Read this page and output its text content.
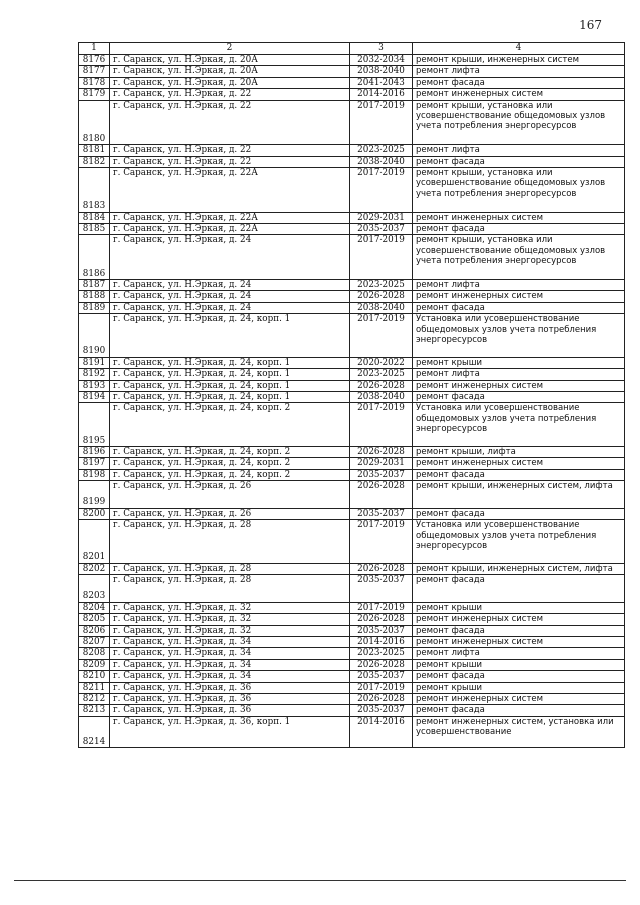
167
1	2	3	4
8176	г. Саранск, ул. Н.Эркая, д. 20А	2032-2034	ремонт крыши, инженерных систем
8177	г. Саранск, ул. Н.Эркая, д. 20А	2038-2040	ремонт лифта
8178	г. Саранск, ул. Н.Эркая, д. 20А	2041-2043	ремонт фасада
8179	г. Саранск, ул. Н.Эркая, д. 22	2014-2016	ремонт инженерных систем
8180	г. Саранск, ул. Н.Эркая, д. 22	2017-2019	ремонт крыши, установка или усовершенствование общедомовых узлов учета потребления энергоресурсов
8181	г. Саранск, ул. Н.Эркая, д. 22	2023-2025	ремонт лифта
8182	г. Саранск, ул. Н.Эркая, д. 22	2038-2040	ремонт фасада
8183	г. Саранск, ул. Н.Эркая, д. 22А	2017-2019	ремонт крыши, установка или усовершенствование общедомовых узлов учета потребления энергоресурсов
8184	г. Саранск, ул. Н.Эркая, д. 22А	2029-2031	ремонт инженерных систем
8185	г. Саранск, ул. Н.Эркая, д. 22А	2035-2037	ремонт фасада
8186	г. Саранск, ул. Н.Эркая, д. 24	2017-2019	ремонт крыши, установка или усовершенствование общедомовых узлов учета потребления энергоресурсов
8187	г. Саранск, ул. Н.Эркая, д. 24	2023-2025	ремонт лифта
8188	г. Саранск, ул. Н.Эркая, д. 24	2026-2028	ремонт инженерных систем
8189	г. Саранск, ул. Н.Эркая, д. 24	2038-2040	ремонт фасада
8190	г. Саранск, ул. Н.Эркая, д. 24, корп. 1	2017-2019	Установка или усовершенствование общедомовых узлов учета потребления энергоресурсов
8191	г. Саранск, ул. Н.Эркая, д. 24, корп. 1	2020-2022	ремонт крыши
8192	г. Саранск, ул. Н.Эркая, д. 24, корп. 1	2023-2025	ремонт лифта
8193	г. Саранск, ул. Н.Эркая, д. 24, корп. 1	2026-2028	ремонт инженерных систем
8194	г. Саранск, ул. Н.Эркая, д. 24, корп. 1	2038-2040	ремонт фасада
8195	г. Саранск, ул. Н.Эркая, д. 24, корп. 2	2017-2019	Установка или усовершенствование общедомовых узлов учета потребления энергоресурсов
8196	г. Саранск, ул. Н.Эркая, д. 24, корп. 2	2026-2028	ремонт крыши, лифта
8197	г. Саранск, ул. Н.Эркая, д. 24, корп. 2	2029-2031	ремонт инженерных систем
8198	г. Саранск, ул. Н.Эркая, д. 24, корп. 2	2035-2037	ремонт фасада
8199	г. Саранск, ул. Н.Эркая, д. 26	2026-2028	ремонт крыши, инженерных систем, лифта
8200	г. Саранск, ул. Н.Эркая, д. 26	2035-2037	ремонт фасада
8201	г. Саранск, ул. Н.Эркая, д. 28	2017-2019	Установка или усовершенствование общедомовых узлов учета потребления энергоресурсов
8202	г. Саранск, ул. Н.Эркая, д. 28	2026-2028	ремонт крыши, инженерных систем, лифта
8203	г. Саранск, ул. Н.Эркая, д. 28	2035-2037	ремонт фасада
8204	г. Саранск, ул. Н.Эркая, д. 32	2017-2019	ремонт крыши
8205	г. Саранск, ул. Н.Эркая, д. 32	2026-2028	ремонт инженерных систем
8206	г. Саранск, ул. Н.Эркая, д. 32	2035-2037	ремонт фасада
8207	г. Саранск, ул. Н.Эркая, д. 34	2014-2016	ремонт инженерных систем
8208	г. Саранск, ул. Н.Эркая, д. 34	2023-2025	ремонт лифта
8209	г. Саранск, ул. Н.Эркая, д. 34	2026-2028	ремонт крыши
8210	г. Саранск, ул. Н.Эркая, д. 34	2035-2037	ремонт фасада
8211	г. Саранск, ул. Н.Эркая, д. 36	2017-2019	ремонт крыши
8212	г. Саранск, ул. Н.Эркая, д. 36	2026-2028	ремонт инженерных систем
8213	г. Саранск, ул. Н.Эркая, д. 36	2035-2037	ремонт фасада
8214	г. Саранск, ул. Н.Эркая, д. 36, корп. 1	2014-2016	ремонт инженерных систем, установка или усовершенствование
